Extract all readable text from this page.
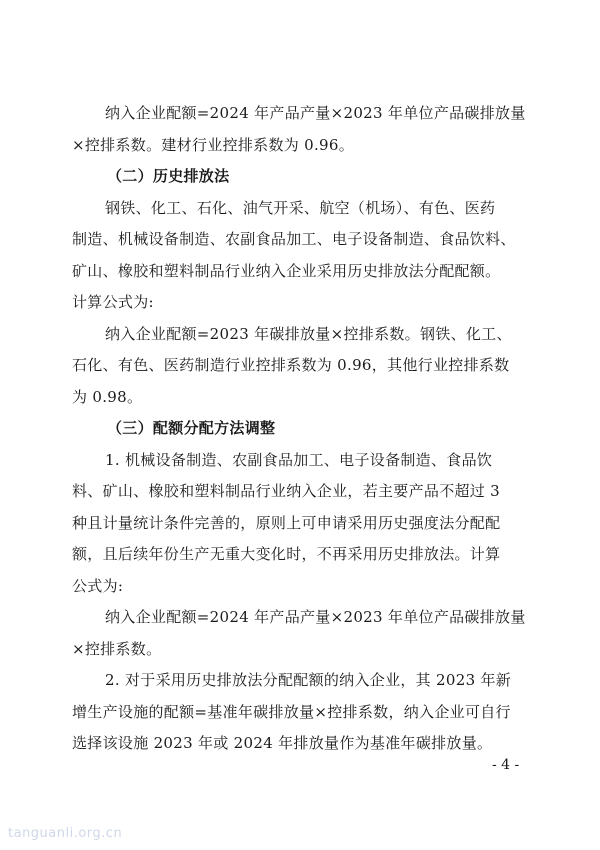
纳入企业配额=2024 年产品产量×2023 年单位产品碳排放量
×控排系数。建材行业控排系数为 0.96。
（二）历史排放法
钢铁、化工、石化、油气开采、航空（机场）、有色、医药
制造、机械设备制造、农副食品加工、电子设备制造、食品饮料、
矿山、橡胶和塑料制品行业纳入企业采用历史排放法分配配额。
计算公式为:
纳入企业配额=2023 年碳排放量×控排系数。钢铁、化工、
石化、有色、医药制造行业控排系数为 0.96，其他行业控排系数
为 0.98。
（三）配额分配方法调整
1. 机械设备制造、农副食品加工、电子设备制造、食品饮
料、矿山、橡胶和塑料制品行业纳入企业，若主要产品不超过 3
种且计量统计条件完善的，原则上可申请采用历史强度法分配配
额，且后续年份生产无重大变化时，不再采用历史排放法。计算
公式为:
纳入企业配额=2024 年产品产量×2023 年单位产品碳排放量
×控排系数。
2. 对于采用历史排放法分配配额的纳入企业，其 2023 年新
增生产设施的配额=基准年碳排放量×控排系数，纳入企业可自行
选择该设施 2023 年或 2024 年排放量作为基准年碳排放量。
- 4 -
tanguanli.org.cn
